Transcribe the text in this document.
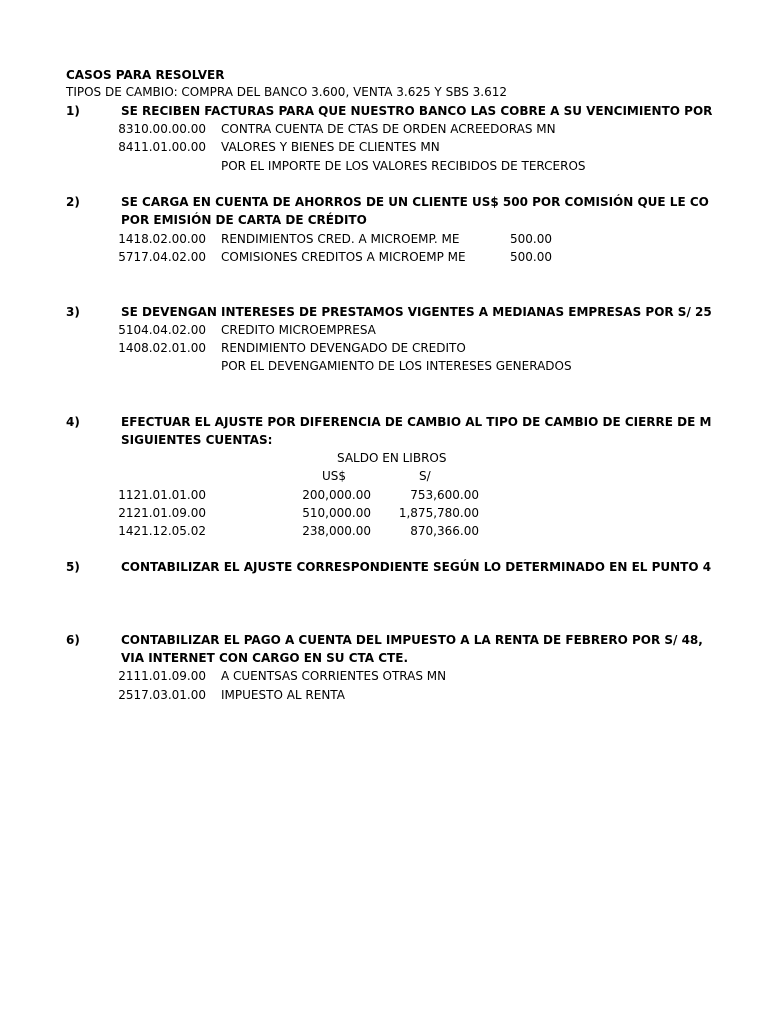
CASOS PARA RESOLVER
TIPOS DE CAMBIO: COMPRA DEL BANCO 3.600, VENTA 3.625 Y SBS 3.612
1)	SE RECIBEN FACTURAS PARA QUE NUESTRO BANCO LAS COBRE A SU VENCIMIENTO POR
8310.00.00.00 CONTRA CUENTA DE CTAS DE ORDEN ACREEDORAS MN
8411.01.00.00 VALORES Y BIENES DE CLIENTES MN
POR EL IMPORTE DE LOS VALORES RECIBIDOS DE TERCEROS
2)	SE CARGA EN CUENTA DE AHORROS DE UN CLIENTE US$ 500 POR COMISIÓN QUE LE CO
POR EMISIÓN DE CARTA DE CRÉDITO
1418.02.00.00 RENDIMIENTOS CRED. A MICROEMP. ME	500.00
5717.04.02.00 COMISIONES CREDITOS A MICROEMP ME	500.00
3)	SE DEVENGAN INTERESES DE PRESTAMOS VIGENTES A MEDIANAS EMPRESAS POR S/ 25
5104.04.02.00 CREDITO MICROEMPRESA
1408.02.01.00 RENDIMIENTO DEVENGADO DE CREDITO
POR EL DEVENGAMIENTO DE LOS INTERESES GENERADOS
4)	EFECTUAR EL AJUSTE POR DIFERENCIA DE CAMBIO AL TIPO DE CAMBIO DE CIERRE DE M
SIGUIENTES CUENTAS:
SALDO EN LIBROS
US$	S/
1121.01.01.00	200,000.00	753,600.00
2121.01.09.00	510,000.00	1,875,780.00
1421.12.05.02	238,000.00	870,366.00
5)	CONTABILIZAR EL AJUSTE CORRESPONDIENTE SEGÚN LO DETERMINADO EN EL PUNTO 4
6)	CONTABILIZAR EL PAGO A CUENTA DEL IMPUESTO A LA RENTA DE FEBRERO POR S/ 48,
VIA INTERNET CON CARGO EN SU CTA CTE.
2111.01.09.00 A CUENTSAS CORRIENTES OTRAS MN
2517.03.01.00 IMPUESTO AL RENTA
